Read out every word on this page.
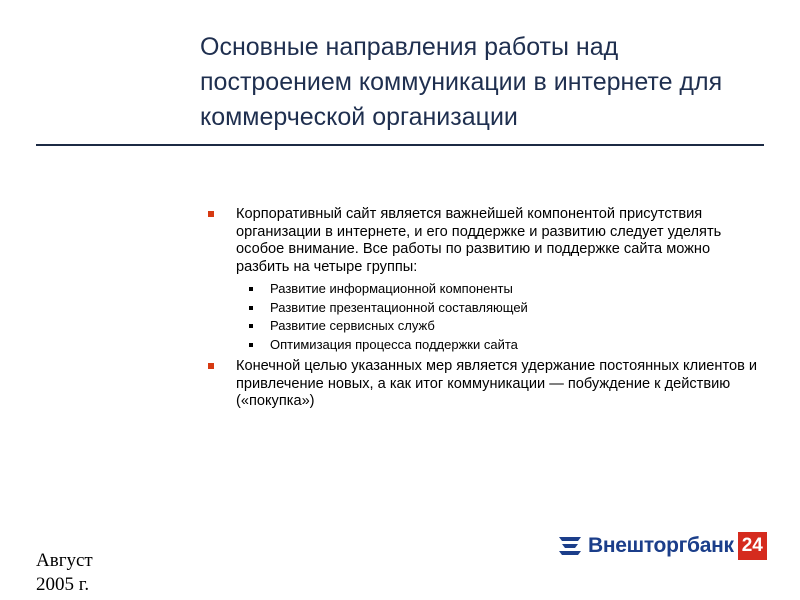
Основные направления работы над
построением коммуникации в интернете для
коммерческой организации
Корпоративный сайт является важнейшей компонентой присутствия организации в интернете, и его поддержке и развитию следует уделять особое внимание. Все работы по развитию и поддержке сайта можно разбить на четыре группы:
Развитие информационной компоненты
Развитие презентационной составляющей
Развитие сервисных служб
Оптимизация процесса поддержки сайта
Конечной целью указанных мер является удержание постоянных клиентов и привлечение новых, а как итог коммуникации — побуждение к действию («покупка»)
Август
2005 г.
Внешторгбанк 24
